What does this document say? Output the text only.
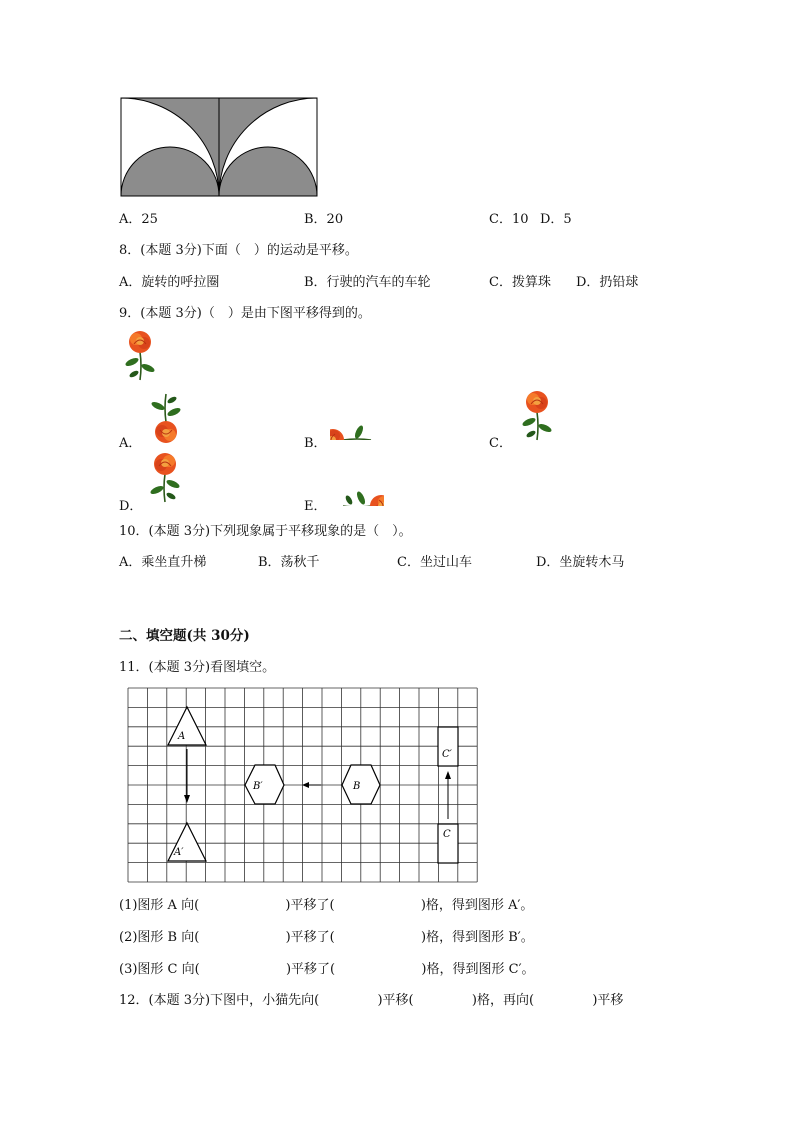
A．25	B．20	C．10 D．5
8．(本题 3分)下面（　）的运动是平移。
A．旋转的呼拉圈	B．行驶的汽车的车轮	C．拨算珠 D．扔铅球
9．(本题 3分)（　）是由下图平移得到的。
A．	B．	C．
D．	E．
10．(本题 3分)下列现象属于平移现象的是（　）。
A．乘坐直升梯	B．荡秋千	C．坐过山车	D．坐旋转木马
二、填空题(共 30分)
11．(本题 3分)看图填空。
A
A′
B′	B
C′
C
(1)图形 A 向(	)平移了(	)格，得到图形 A′。
(2)图形 B 向(	)平移了(	)格，得到图形 B′。
(3)图形 C 向(	)平移了(	)格，得到图形 C′。
12．(本题 3分)下图中，小猫先向(	)平移(	)格，再向(	)平移
